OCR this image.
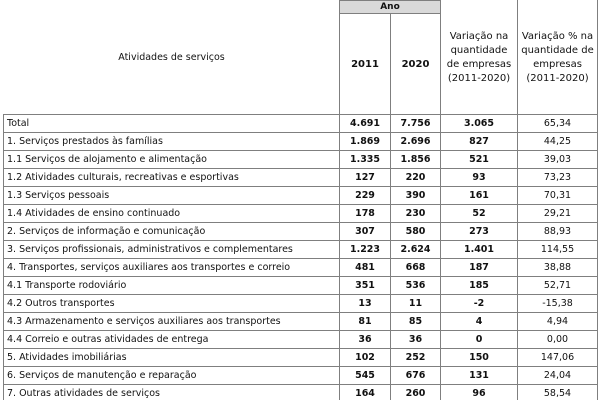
Atividades de serviços	Ano		Variação na quantidade de empresas (2011-2020)	Variação % na quantidade de empresas (2011-2020)
	2011	2020		
Total	4.691	7.756	3.065	65,34
1. Serviços prestados às famílias	1.869	2.696	827	44,25
1.1 Serviços de alojamento e alimentação	1.335	1.856	521	39,03
1.2 Atividades culturais, recreativas e esportivas	127	220	93	73,23
1.3 Serviços pessoais	229	390	161	70,31
1.4 Atividades de ensino continuado	178	230	52	29,21
2. Serviços de informação e comunicação	307	580	273	88,93
3. Serviços profissionais, administrativos e complementares	1.223	2.624	1.401	114,55
4. Transportes, serviços auxiliares aos transportes e correio	481	668	187	38,88
4.1 Transporte rodoviário	351	536	185	52,71
4.2 Outros transportes	13	11	-2	-15,38
4.3 Armazenamento e serviços auxiliares aos transportes	81	85	4	4,94
4.4 Correio e outras atividades de entrega	36	36	0	0,00
5. Atividades imobiliárias	102	252	150	147,06
6. Serviços de manutenção e reparação	545	676	131	24,04
7. Outras atividades de serviços	164	260	96	58,54
